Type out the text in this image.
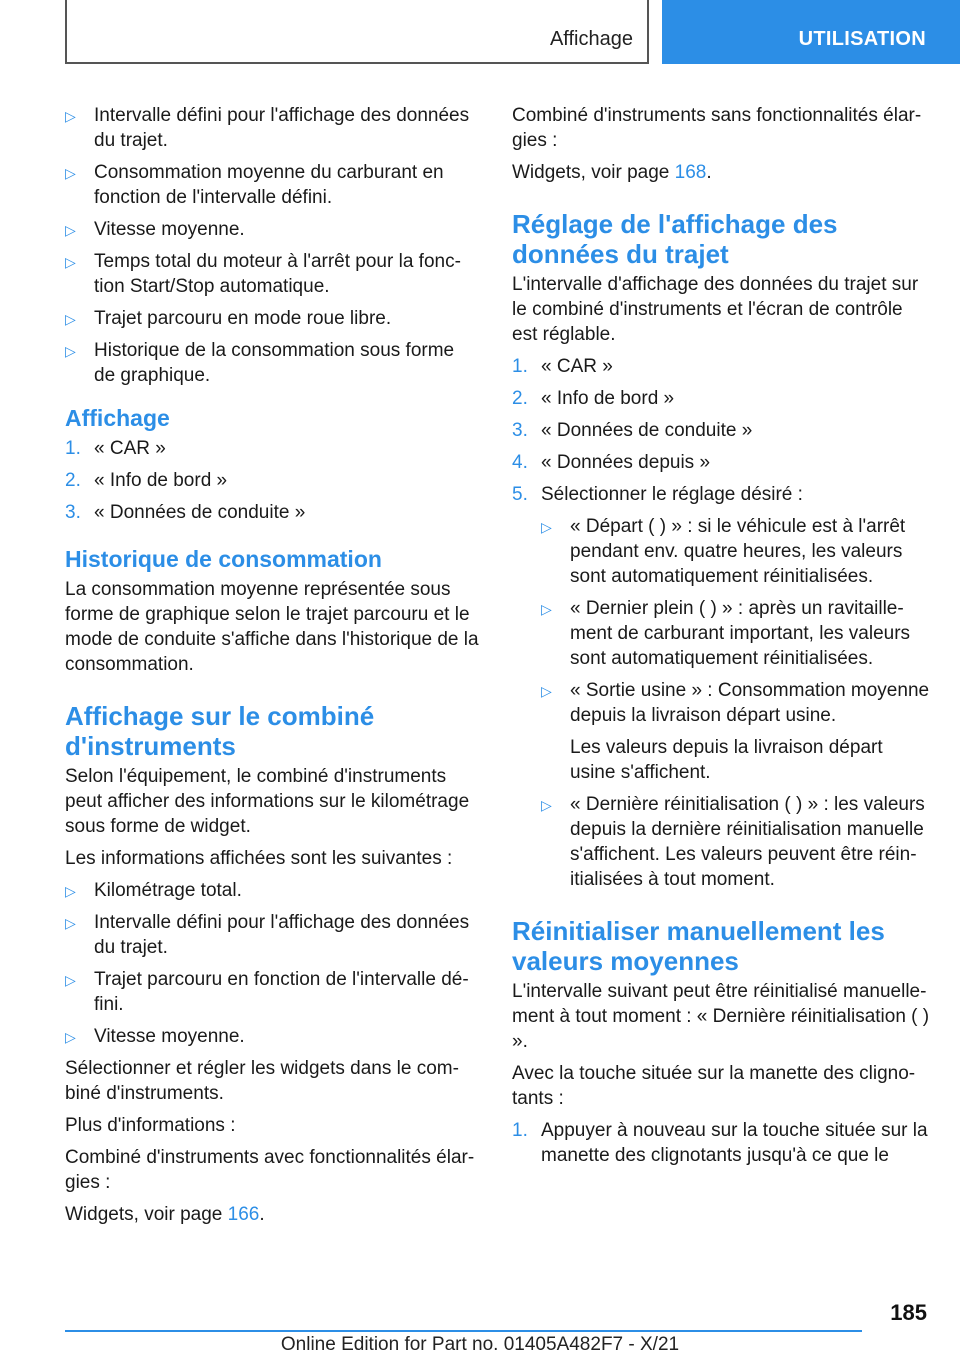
Affichage	UTILISATION
▷ Intervalle défini pour l'affichage des données du trajet.
▷ Consommation moyenne du carburant en fonction de l'intervalle défini.
▷ Vitesse moyenne.
▷ Temps total du moteur à l'arrêt pour la fonc-tion Start/Stop automatique.
▷ Trajet parcouru en mode roue libre.
▷ Historique de la consommation sous forme de graphique.
Affichage
1. « CAR »
2. « Info de bord »
3. « Données de conduite »
Historique de consommation

La consommation moyenne représentée sous forme de graphique selon le trajet parcouru et le mode de conduite s'affiche dans l'historique de la consommation.

Affichage sur le combiné d'instruments

Selon l'équipement, le combiné d'instruments peut afficher des informations sur le kilométrage sous forme de widget.

Les informations affichées sont les suivantes :

▷ Kilométrage total.
▷ Intervalle défini pour l'affichage des données du trajet.
▷ Trajet parcouru en fonction de l'intervalle dé-fini.
▷ Vitesse moyenne.

Sélectionner et régler les widgets dans le com-biné d'instruments.

Plus d'informations :

Combiné d'instruments avec fonctionnalités élar-gies :

Widgets, voir page 166.

Combiné d'instruments sans fonctionnalités élar-gies :

Widgets, voir page 168.

Réglage de l'affichage des données du trajet

L'intervalle d'affichage des données du trajet sur le combiné d'instruments et l'écran de contrôle est réglable.

1. « CAR »
2. « Info de bord »
3. « Données de conduite »
4. « Données depuis »
5. Sélectionner le réglage désiré :
▷ « Départ ( ) » : si le véhicule est à l'arrêt pendant env. quatre heures, les valeurs sont automatiquement réinitialisées.
▷ « Dernier plein ( ) » : après un ravitaille-ment de carburant important, les valeurs sont automatiquement réinitialisées.
▷ « Sortie usine » : Consommation moyenne depuis la livraison départ usine.

Les valeurs depuis la livraison départ usine s'affichent.

▷ « Dernière réinitialisation ( ) » : les valeurs depuis la dernière réinitialisation manuelle s'affichent. Les valeurs peuvent être réin-itialisées à tout moment.
Réinitialiser manuellement les valeurs moyennes

L'intervalle suivant peut être réinitialisé manuelle-ment à tout moment : « Dernière réinitialisation ( ) ».

Avec la touche située sur la manette des cligno-tants :

1. Appuyer à nouveau sur la touche située sur la manette des clignotants jusqu'à ce que le
185
Online Edition for Part no. 01405A482F7 - X/21
